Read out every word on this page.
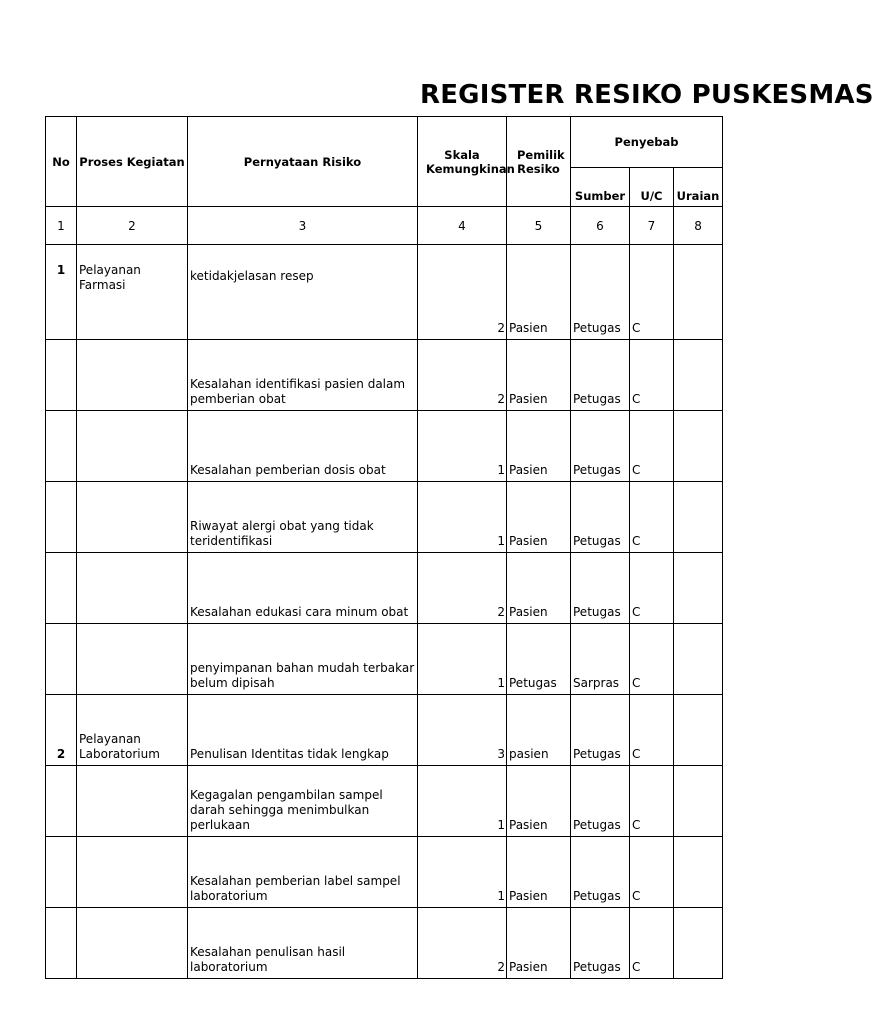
REGISTER RESIKO PUSKESMAS
No	Proses Kegiatan	Pernyataan Risiko	Skala Kemungkinan	Pemilik Resiko	Penyebab		
					Sumber	U/C	Uraian
1	2	3	4	5	6	7	8
1	Pelayanan Farmasi	ketidakjelasan resep	2	Pasien	Petugas	C	
		Kesalahan identifikasi pasien dalam pemberian obat	2	Pasien	Petugas	C	
		Kesalahan pemberian dosis obat	1	Pasien	Petugas	C	
		Riwayat alergi obat yang tidak teridentifikasi	1	Pasien	Petugas	C	
		Kesalahan edukasi cara minum obat	2	Pasien	Petugas	C	
		penyimpanan bahan mudah terbakar belum dipisah	1	Petugas	Sarpras	C	
2	Pelayanan Laboratorium	Penulisan Identitas tidak lengkap	3	pasien	Petugas	C	
		Kegagalan pengambilan sampel darah sehingga menimbulkan perlukaan	1	Pasien	Petugas	C	
		Kesalahan pemberian label sampel laboratorium	1	Pasien	Petugas	C	
		Kesalahan penulisan hasil laboratorium	2	Pasien	Petugas	C	
